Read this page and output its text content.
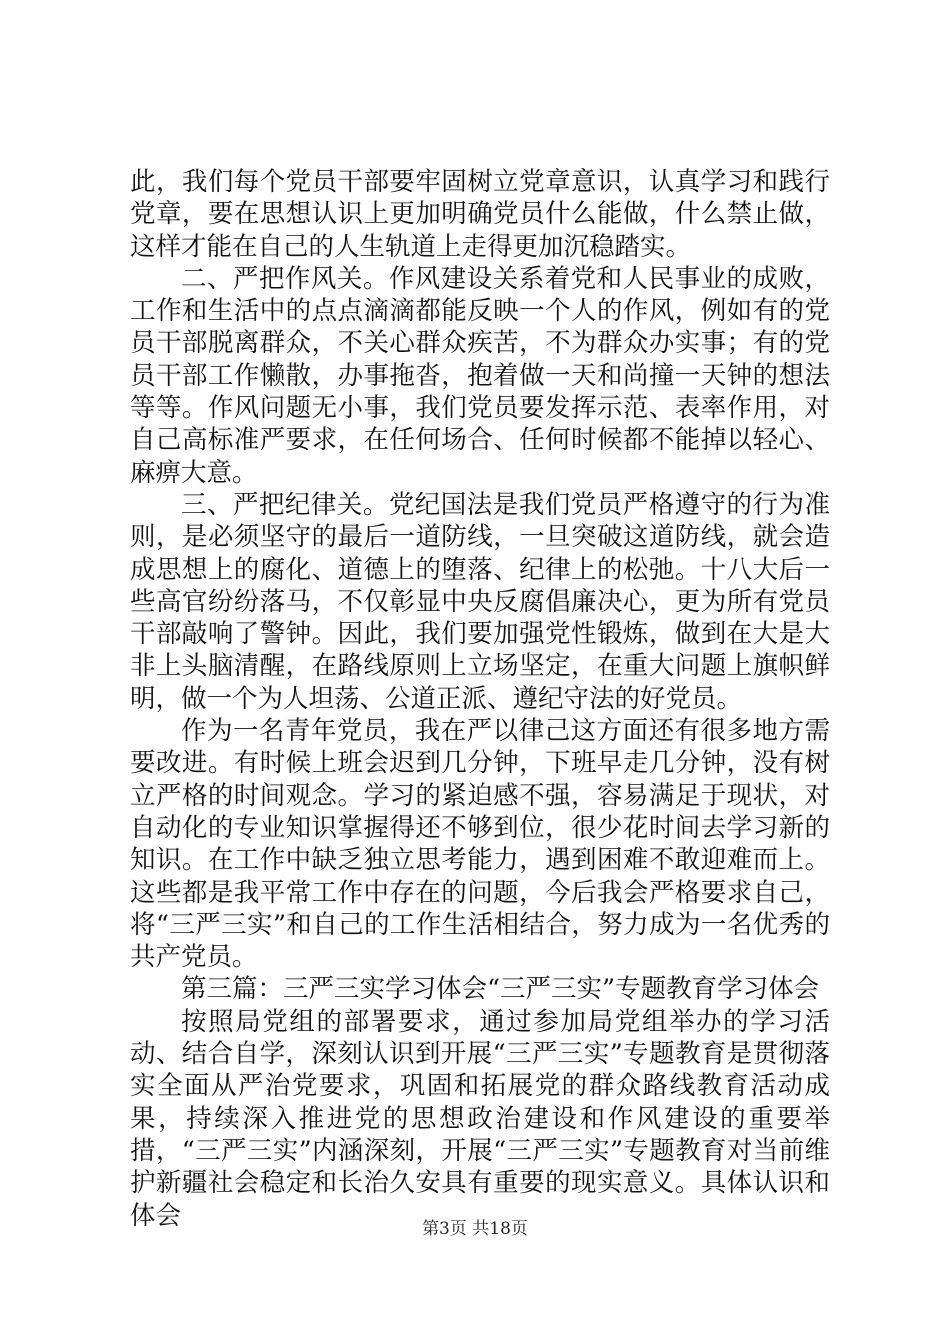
此，我们每个党员干部要牢固树立党章意识，认真学习和践行党章，要在思想认识上更加明确党员什么能做，什么禁止做，这样才能在自己的人生轨道上走得更加沉稳踏实。

二、严把作风关。作风建设关系着党和人民事业的成败，工作和生活中的点点滴滴都能反映一个人的作风，例如有的党员干部脱离群众，不关心群众疾苦，不为群众办实事；有的党员干部工作懒散，办事拖沓，抱着做一天和尚撞一天钟的想法等等。作风问题无小事，我们党员要发挥示范、表率作用，对自己高标准严要求，在任何场合、任何时候都不能掉以轻心、麻痹大意。

三、严把纪律关。党纪国法是我们党员严格遵守的行为准则，是必须坚守的最后一道防线，一旦突破这道防线，就会造成思想上的腐化、道德上的堕落、纪律上的松弛。十八大后一些高官纷纷落马，不仅彰显中央反腐倡廉决心，更为所有党员干部敲响了警钟。因此，我们要加强党性锻炼，做到在大是大非上头脑清醒，在路线原则上立场坚定，在重大问题上旗帜鲜明，做一个为人坦荡、公道正派、遵纪守法的好党员。

作为一名青年党员，我在严以律己这方面还有很多地方需要改进。有时候上班会迟到几分钟，下班早走几分钟，没有树立严格的时间观念。学习的紧迫感不强，容易满足于现状，对自动化的专业知识掌握得还不够到位，很少花时间去学习新的知识。在工作中缺乏独立思考能力，遇到困难不敢迎难而上。这些都是我平常工作中存在的问题，今后我会严格要求自己，将“三严三实”和自己的工作生活相结合，努力成为一名优秀的共产党员。

第三篇：三严三实学习体会“三严三实”专题教育学习体会

按照局党组的部署要求，通过参加局党组举办的学习活动、结合自学，深刻认识到开展“三严三实”专题教育是贯彻落实全面从严治党要求，巩固和拓展党的群众路线教育活动成果，持续深入推进党的思想政治建设和作风建设的重要举措，“三严三实”内涵深刻，开展“三严三实”专题教育对当前维护新疆社会稳定和长治久安具有重要的现实意义。具体认识和体会	第3页 共18页
